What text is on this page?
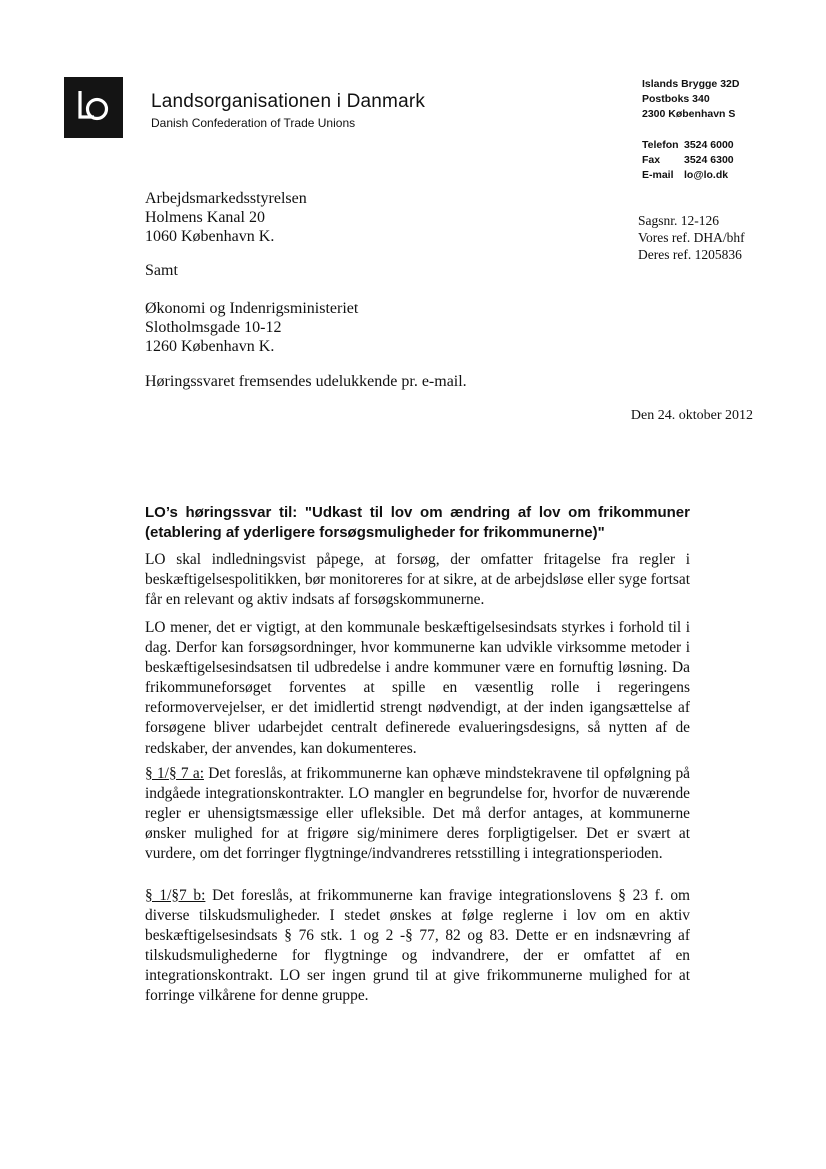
Landsorganisationen i Danmark
Danish Confederation of Trade Unions
Islands Brygge 32D
Postboks 340
2300 København S
Telefon 3524 6000
Fax 3524 6300
E-mail lo@lo.dk
Arbejdsmarkedsstyrelsen
Holmens Kanal 20
1060 København K.
Samt
Økonomi og Indenrigsministeriet
Slotholmsgade 10-12
1260 København K.
Høringssvaret fremsendes udelukkende pr. e-mail.
Sagsnr. 12-126
Vores ref. DHA/bhf
Deres ref. 1205836
Den 24. oktober 2012
LO’s høringssvar til: "Udkast til lov om ændring af lov om frikommuner (etablering af yderligere forsøgsmuligheder for frikommunerne)"

LO skal indledningsvist påpege, at forsøg, der omfatter fritagelse fra regler i beskæftigelsespolitikken, bør monitoreres for at sikre, at de arbejdsløse eller syge fortsat får en relevant og aktiv indsats af forsøgskommunerne.

LO mener, det er vigtigt, at den kommunale beskæftigelsesindsats styrkes i forhold til i dag. Derfor kan forsøgsordninger, hvor kommunerne kan udvikle virksomme metoder i beskæftigelsesindsatsen til udbredelse i andre kommuner være en fornuftig løsning. Da frikommuneforsøget forventes at spille en væsentlig rolle i regeringens reformovervejelser, er det imidlertid strengt nødvendigt, at der inden igangsættelse af forsøgene bliver udarbejdet centralt definerede evalueringsdesigns, så nytten af de redskaber, der anvendes, kan dokumenteres.

§ 1/§ 7 a: Det foreslås, at frikommunerne kan ophæve mindstekravene til opfølgning på indgåede integrationskontrakter. LO mangler en begrundelse for, hvorfor de nuværende regler er uhensigtsmæssige eller ufleksible. Det må derfor antages, at kommunerne ønsker mulighed for at frigøre sig/minimere deres forpligtigelser. Det er svært at vurdere, om det forringer flygtninge/indvandreres retsstilling i integrationsperioden.

§ 1/§7 b: Det foreslås, at frikommunerne kan fravige integrationslovens § 23 f. om diverse tilskudsmuligheder. I stedet ønskes at følge reglerne i lov om en aktiv beskæftigelsesindsats § 76 stk. 1 og 2 -§ 77, 82 og 83. Dette er en indsnævring af tilskudsmulighederne for flygtninge og indvandrere, der er omfattet af en integrationskontrakt. LO ser ingen grund til at give frikommunerne mulighed for at forringe vilkårene for denne gruppe.
